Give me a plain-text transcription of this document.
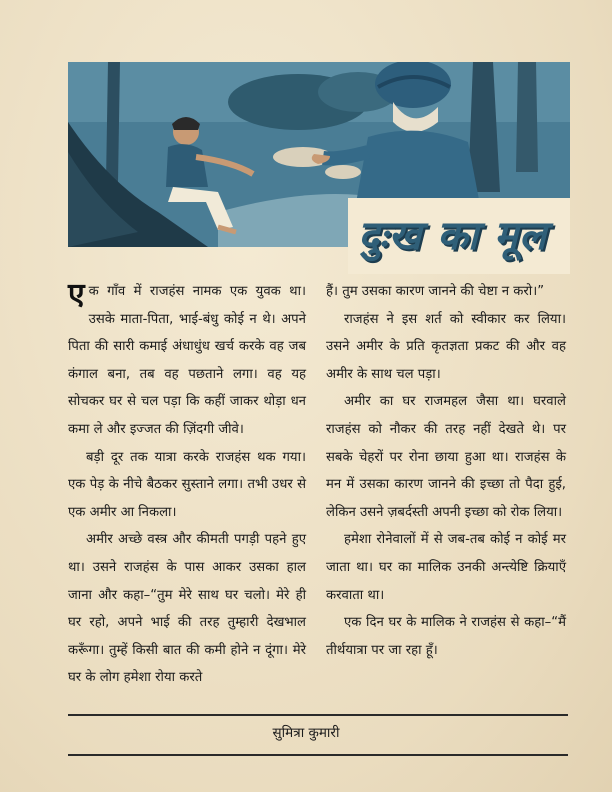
दुःख का मूल

एक गाँव में राजहंस नामक एक युवक था। उसके माता-पिता, भाई-बंधु कोई न थे। अपने पिता की सारी कमाई अंधाधुंध खर्च करके वह जब कंगाल बना, तब वह पछताने लगा। वह यह सोचकर घर से चल पड़ा कि कहीं जाकर थोड़ा धन कमा ले और इज्जत की ज़िंदगी जीवे।

बड़ी दूर तक यात्रा करके राजहंस थक गया। एक पेड़ के नीचे बैठकर सुस्ताने लगा। तभी उधर से एक अमीर आ निकला।

अमीर अच्छे वस्त्र और कीमती पगड़ी पहने हुए था। उसने राजहंस के पास आकर उसका हाल जाना और कहा–“तुम मेरे साथ घर चलो। मेरे ही घर रहो, अपने भाई की तरह तुम्हारी देखभाल करूँगा। तुम्हें किसी बात की कमी होने न दूंगा। मेरे घर के लोग हमेशा रोया करते

हैं। तुम उसका कारण जानने की चेष्टा न करो।”

राजहंस ने इस शर्त को स्वीकार कर लिया। उसने अमीर के प्रति कृतज्ञता प्रकट की और वह अमीर के साथ चल पड़ा।

अमीर का घर राजमहल जैसा था। घरवाले राजहंस को नौकर की तरह नहीं देखते थे। पर सबके चेहरों पर रोना छाया हुआ था। राजहंस के मन में उसका कारण जानने की इच्छा तो पैदा हुई, लेकिन उसने ज़बर्दस्ती अपनी इच्छा को रोक लिया।

हमेशा रोनेवालों में से जब-तब कोई न कोई मर जाता था। घर का मालिक उनकी अन्त्येष्टि क्रियाएँ करवाता था।

एक दिन घर के मालिक ने राजहंस से कहा–“मैं तीर्थयात्रा पर जा रहा हूँ।

सुमित्रा कुमारी
